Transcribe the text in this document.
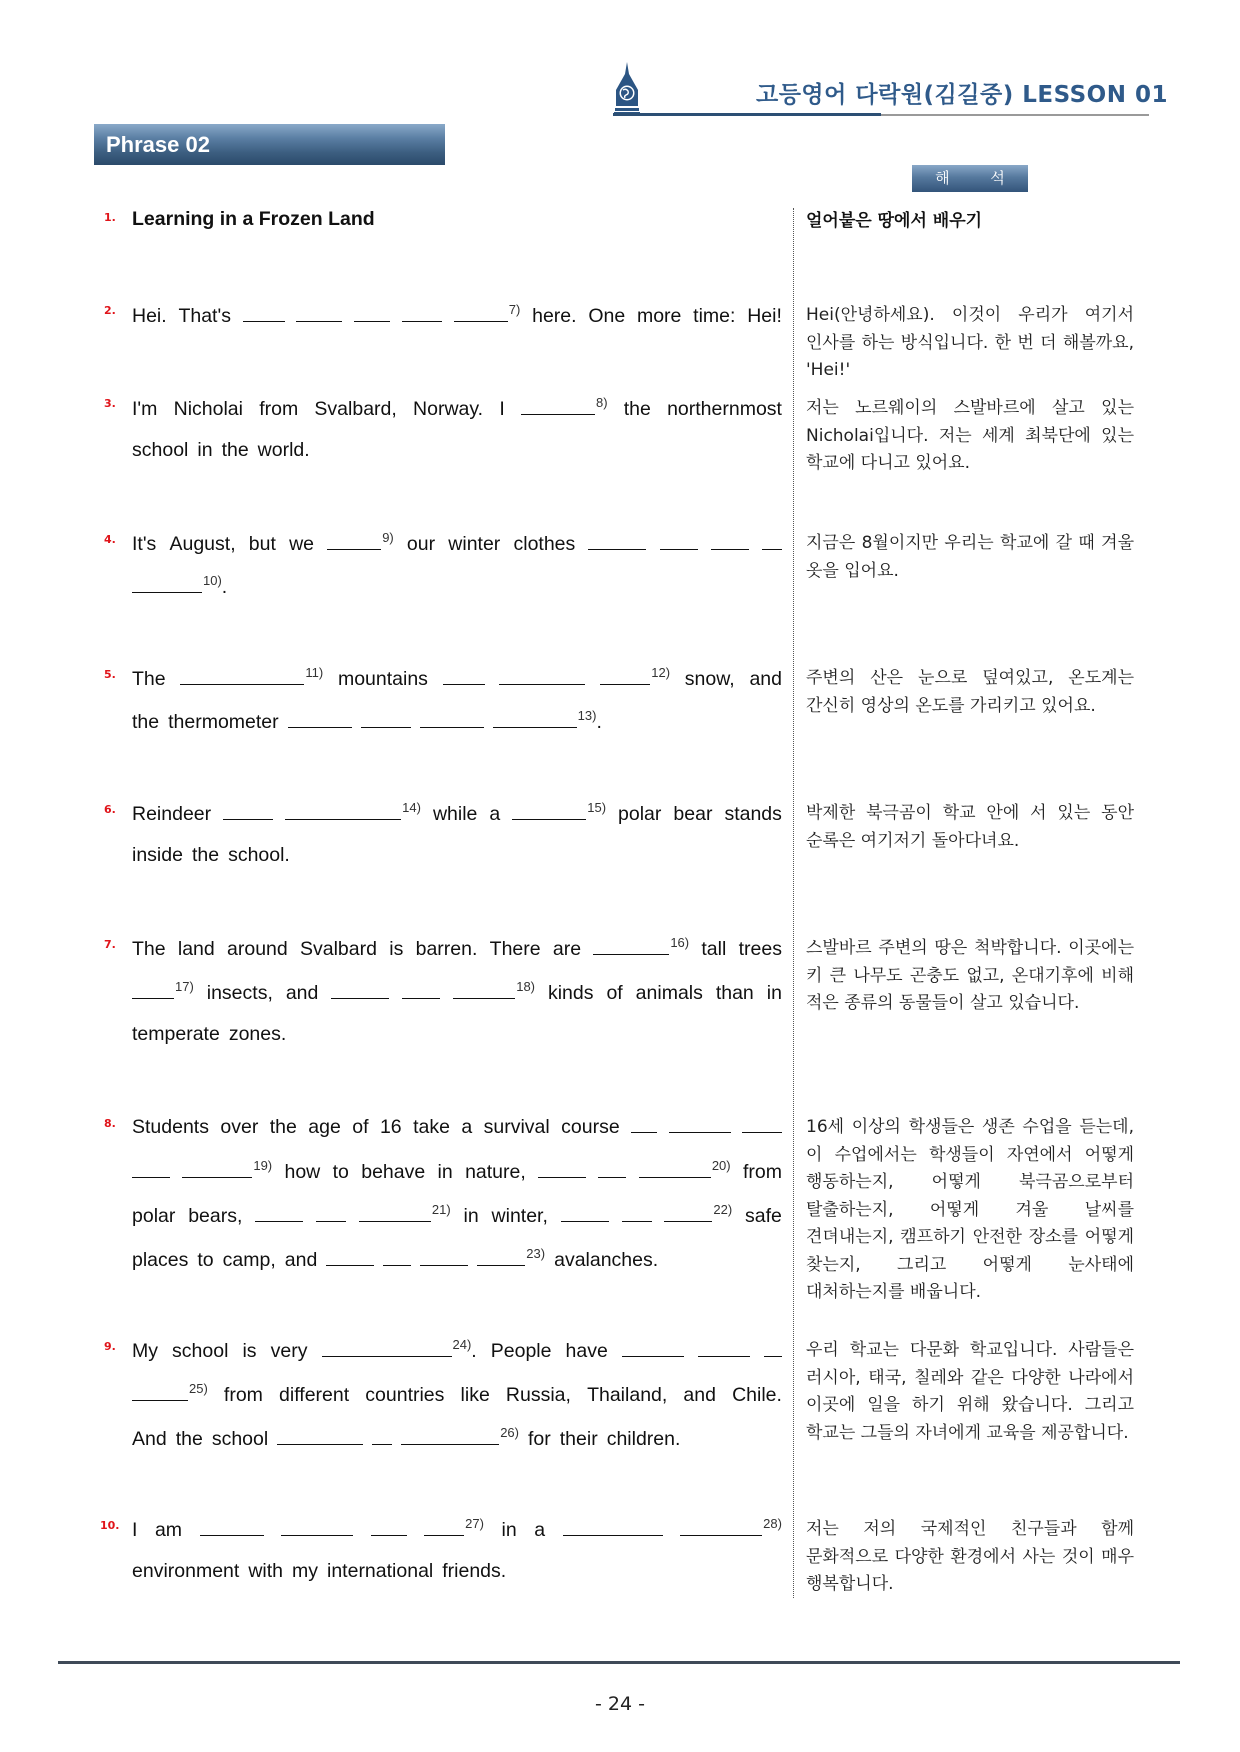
고등영어 다락원(김길중) LESSON 01
Phrase 02
해 석
1. Learning in a Frozen Land	얼어붙은 땅에서 배우기
2. Hei. That's	$^{7)}$ here. One more time: Hei! Hei(안녕하세요). 이것이 우리가 여기서 인사를 하는 방식입니다. 한 번 더 해볼까요, 'Hei!'
3. I'm Nicholai from Svalbard, Norway. I	$^{8)}$ the northernmost
school in the world.
저는 노르웨이의 스발바르에 살고 있는 Nicholai입니다. 저는 세계 최북단에 있는 학교에 다니고 있어요.
4. It's August, but we	$^{9)}$ our winter clothes
$^{10)}$.
지금은 8월이지만 우리는 학교에 갈 때 겨울 옷을 입어요.
5. The	$^{11)}$ mountains	$^{12)}$ snow, and
the thermometer	$^{13)}$.
주변의 산은 눈으로 덮여있고, 온도계는 간신히 영상의 온도를 가리키고 있어요.
6. Reindeer	$^{14)}$ while a	$^{15)}$ polar bear stands
inside the school.
박제한 북극곰이 학교 안에 서 있는 동안 순록은 여기저기 돌아다녀요.
7. The land around Svalbard is barren. There are	$^{16)}$ tall trees
$^{17)}$ insects, and	$^{18)}$ kinds of animals than in
temperate zones.
스발바르 주변의 땅은 척박합니다. 이곳에는 키 큰 나무도 곤충도 없고, 온대기후에 비해 적은 종류의 동물들이 살고 있습니다.
8. Students over the age of 16 take a survival course
$^{19)}$ how to behave in nature,	$^{20)}$ from
polar bears,	$^{21)}$ in winter,	$^{22)}$ safe
places to camp, and	$^{23)}$ avalanches.
16세 이상의 학생들은 생존 수업을 듣는데, 이 수업에서는 학생들이 자연에서 어떻게 행동하는지, 어떻게 북극곰으로부터 탈출하는지, 어떻게 겨울 날씨를 견뎌내는지, 캠프하기 안전한 장소를 어떻게 찾는지, 그리고 어떻게 눈사태에 대처하는지를 배웁니다.
9. My school is very	$^{24)}$. People have
$^{25)}$ from different countries like Russia, Thailand, and Chile.
And the school	$^{26)}$ for their children.
우리 학교는 다문화 학교입니다. 사람들은 러시아, 태국, 칠레와 같은 다양한 나라에서 이곳에 일을 하기 위해 왔습니다. 그리고 학교는 그들의 자녀에게 교육을 제공합니다.
10. I am	$^{27)}$ in a	$^{28)}$
environment with my international friends.
저는 저의 국제적인 친구들과 함께 문화적으로 다양한 환경에서 사는 것이 매우 행복합니다.
- 24 -
